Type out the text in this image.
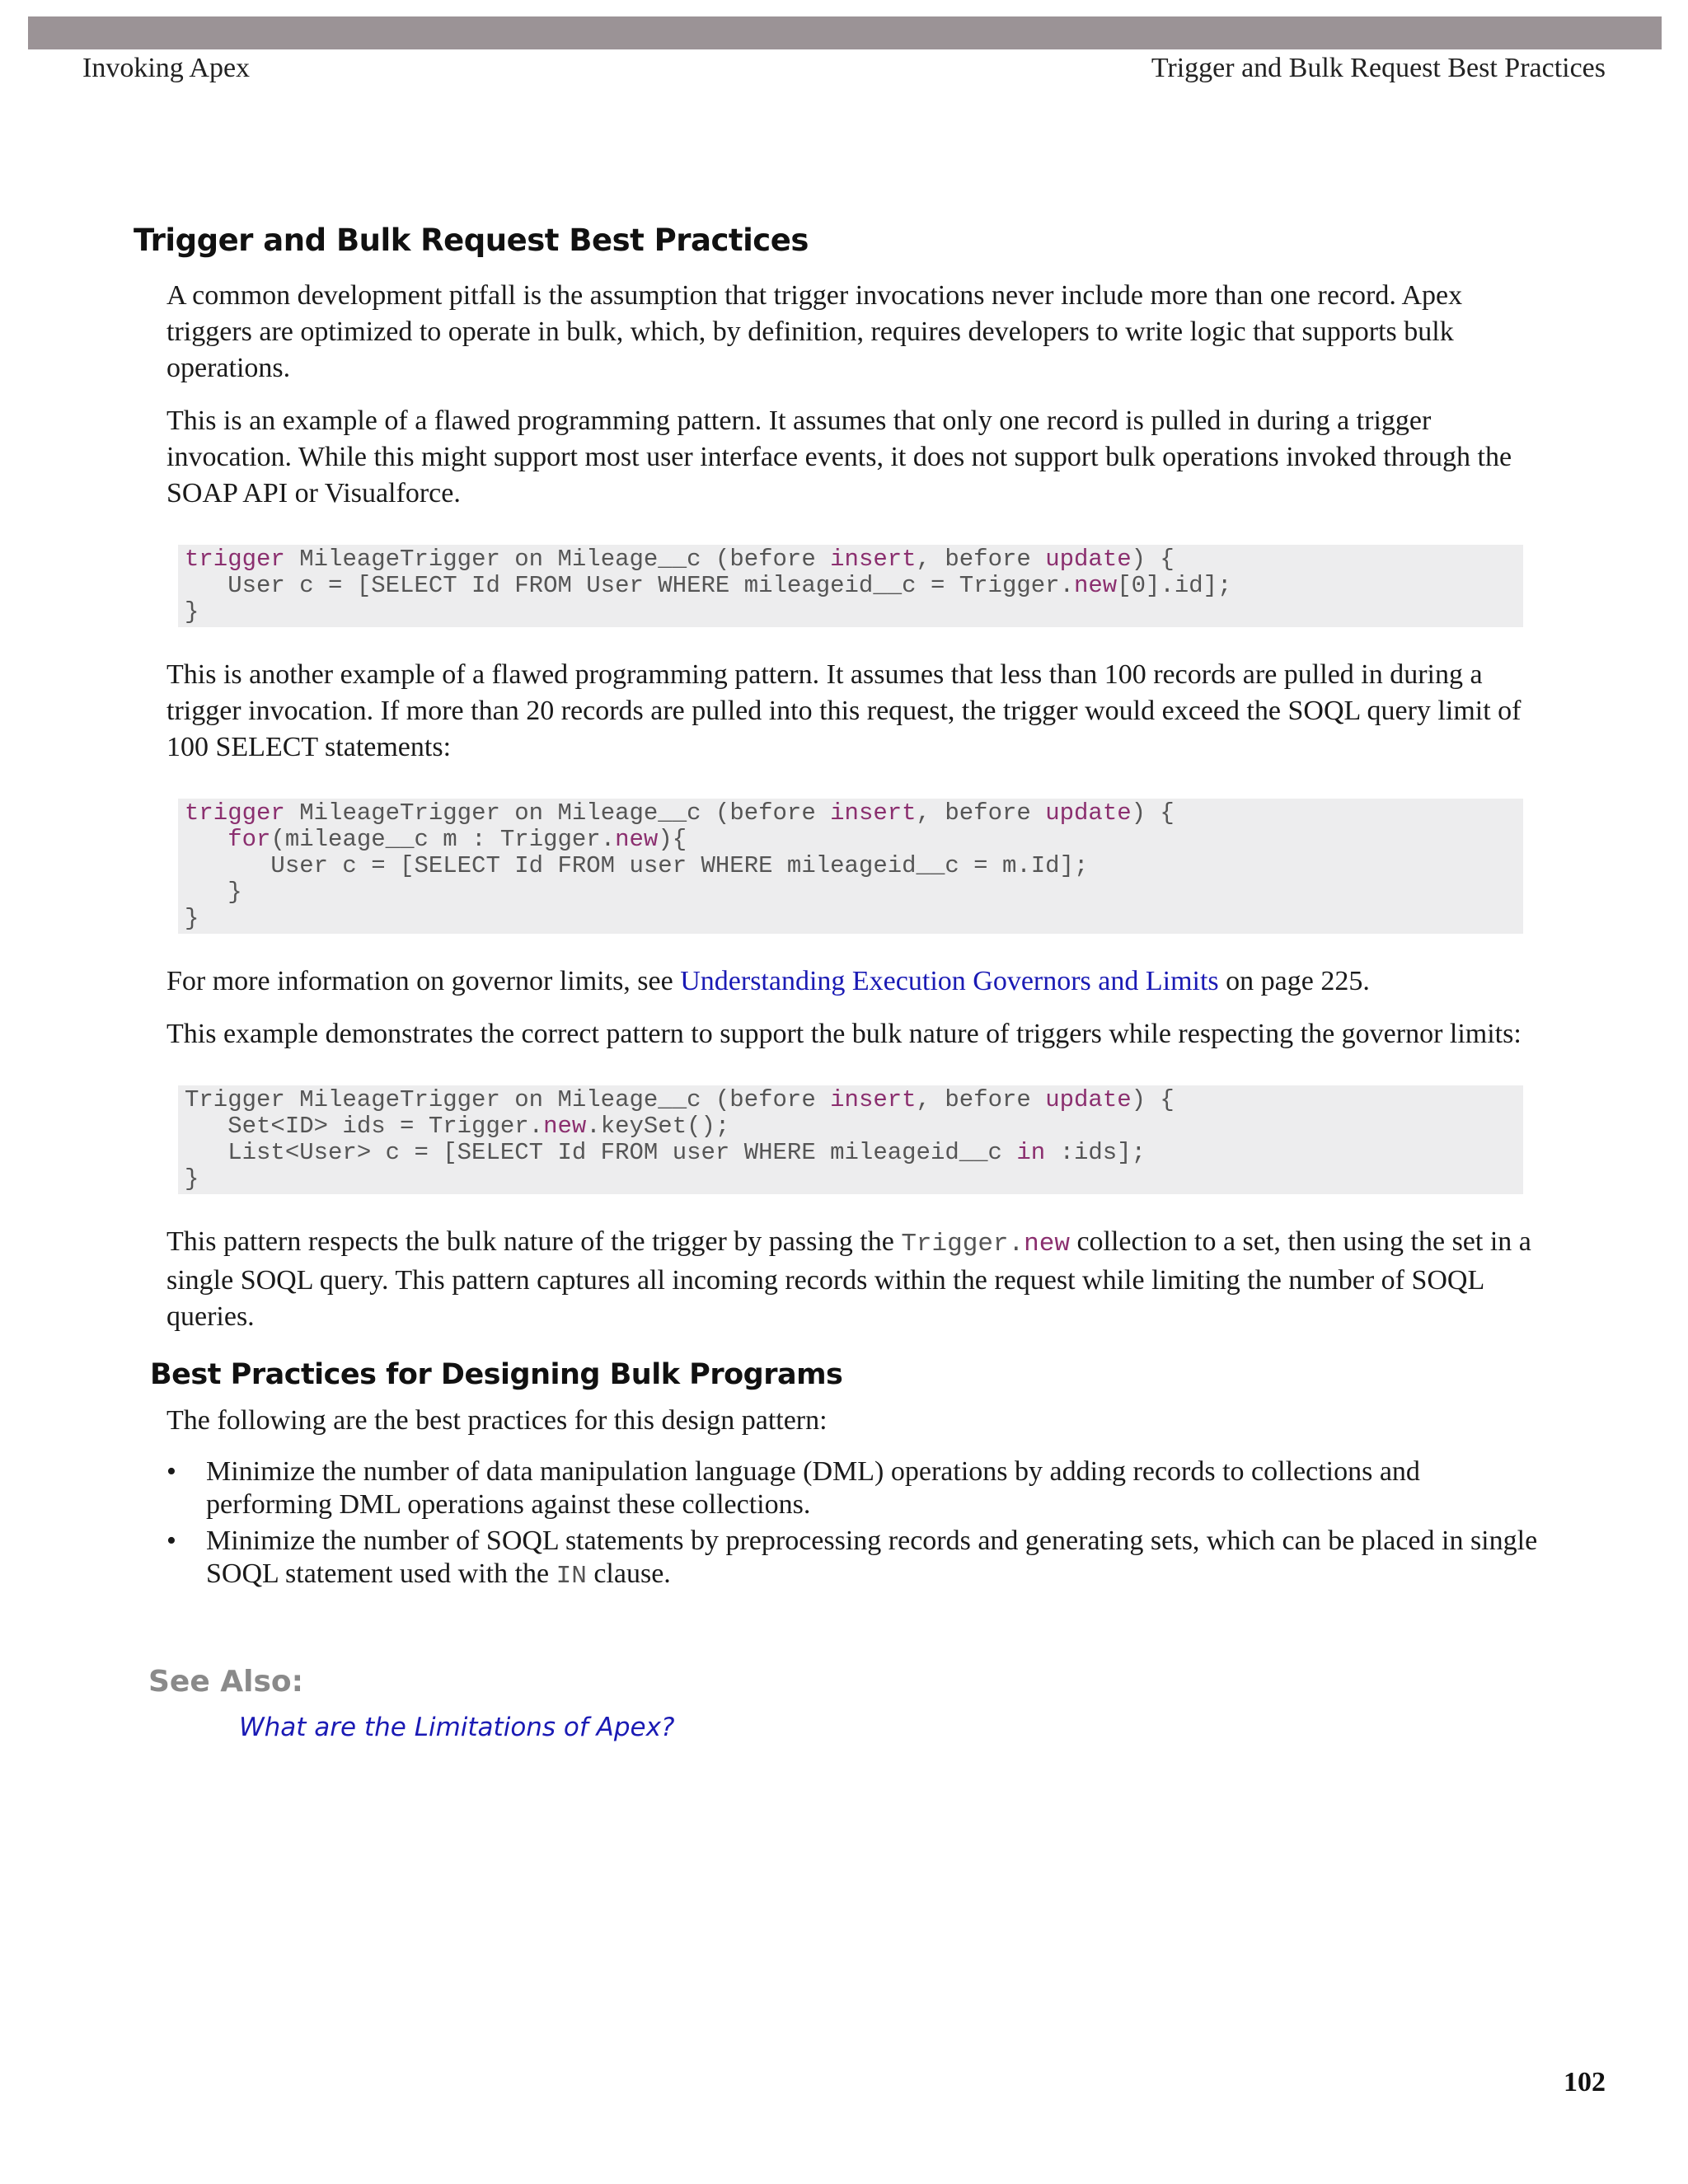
Invoking Apex	Trigger and Bulk Request Best Practices
Trigger and Bulk Request Best Practices

A common development pitfall is the assumption that trigger invocations never include more than one record. Apex triggers are optimized to operate in bulk, which, by definition, requires developers to write logic that supports bulk operations.

This is an example of a flawed programming pattern. It assumes that only one record is pulled in during a trigger invocation. While this might support most user interface events, it does not support bulk operations invoked through the SOAP API or Visualforce.

trigger MileageTrigger on Mileage__c (before insert, before update) {
User c = [SELECT Id FROM User WHERE mileageid__c = Trigger.new[0].id];
}

This is another example of a flawed programming pattern. It assumes that less than 100 records are pulled in during a trigger invocation. If more than 20 records are pulled into this request, the trigger would exceed the SOQL query limit of 100 SELECT statements:

trigger MileageTrigger on Mileage__c (before insert, before update) {
for(mileage__c m : Trigger.new){
User c = [SELECT Id FROM user WHERE mileageid__c = m.Id];
}
}

For more information on governor limits, see Understanding Execution Governors and Limits on page 225.

This example demonstrates the correct pattern to support the bulk nature of triggers while respecting the governor limits:

Trigger MileageTrigger on Mileage__c (before insert, before update) {
Set<ID> ids = Trigger.new.keySet();
List<User> c = [SELECT Id FROM user WHERE mileageid__c in :ids];
}

This pattern respects the bulk nature of the trigger by passing the Trigger.new collection to a set, then using the set in a single SOQL query. This pattern captures all incoming records within the request while limiting the number of SOQL queries.

Best Practices for Designing Bulk Programs

The following are the best practices for this design pattern:

• Minimize the number of data manipulation language (DML) operations by adding records to collections and performing DML operations against these collections.
• Minimize the number of SOQL statements by preprocessing records and generating sets, which can be placed in single SOQL statement used with the IN clause.
See Also:
What are the Limitations of Apex?
102
